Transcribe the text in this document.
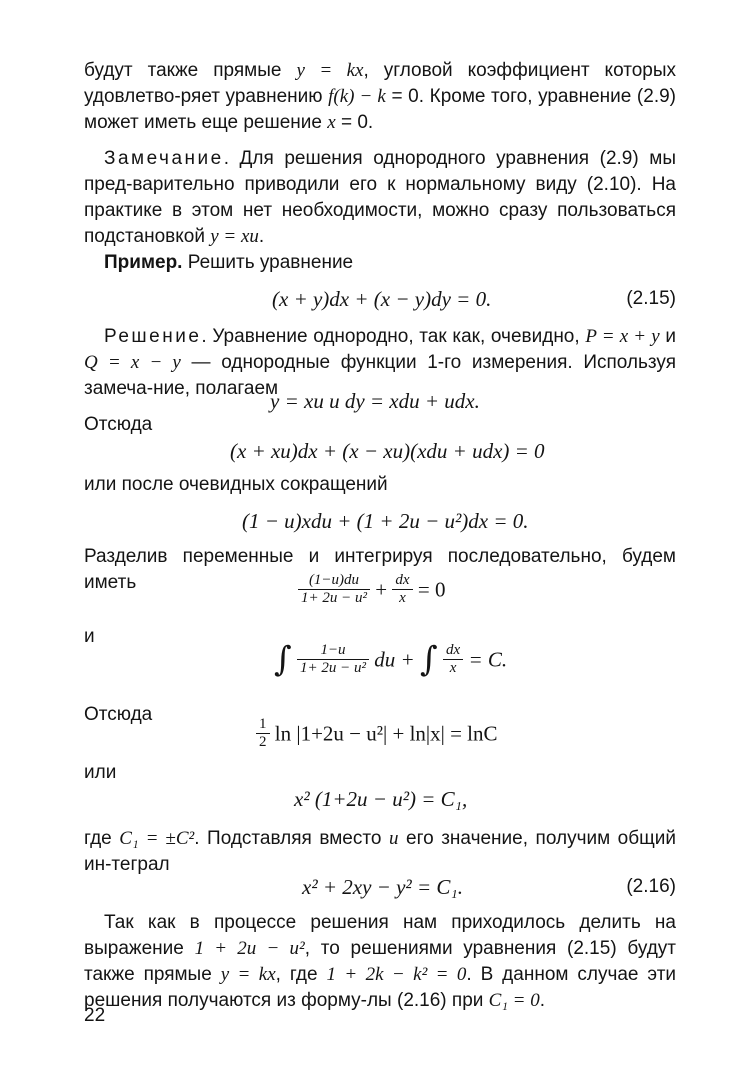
будут также прямые y = kx, угловой коэффициент которых удовлетво-ряет уравнению f(k) − k = 0. Кроме того, уравнение (2.9) может иметь еще решение x = 0.

Замечание. Для решения однородного уравнения (2.9) мы пред-варительно приводили его к нормальному виду (2.10). На практике в этом нет необходимости, можно сразу пользоваться подстановкой y = xu.

Пример. Решить уравнение

(x + y)dx + (x − y)dy = 0.	(2.15)

Решение. Уравнение однородно, так как, очевидно, P = x + y и Q = x − y — однородные функции 1-го измерения. Используя замеча-ние, полагаем

y = xu и dy = xdu + udx.
Отсюда
(x + xu)dx + (x − xu)(xdu + udx) = 0

или после очевидных сокращений

(1 − u)xdu + (1 + 2u − u²)dx = 0.

Разделив переменные и интегрируя последовательно, будем иметь	$\frac{(1-u)du}{\text{1+ 2u − u²}} + \frac{dx}{x} = 0$
и
∫ $\frac{1-u}{\text{1+ 2u − u²}}$ du + ∫ $\frac{dx}{x} = C$.
Отсюда
$\frac{1}{2}$ ln |1+2u − u²| + ln|x| = lnC
или
x² (1+2u − u²) = C₁,

где C₁ = ±C². Подставляя вместо u его значение, получим общий ин-теграл

x² + 2xy − y² = C₁.	(2.16)

Так как в процессе решения нам приходилось делить на выражение 1 + 2u − u², то решениями уравнения (2.15) будут также прямые y = kx, где 1 + 2k − k² = 0. В данном случае эти решения получаются из форму-лы (2.16) при C₁ = 0.

22
